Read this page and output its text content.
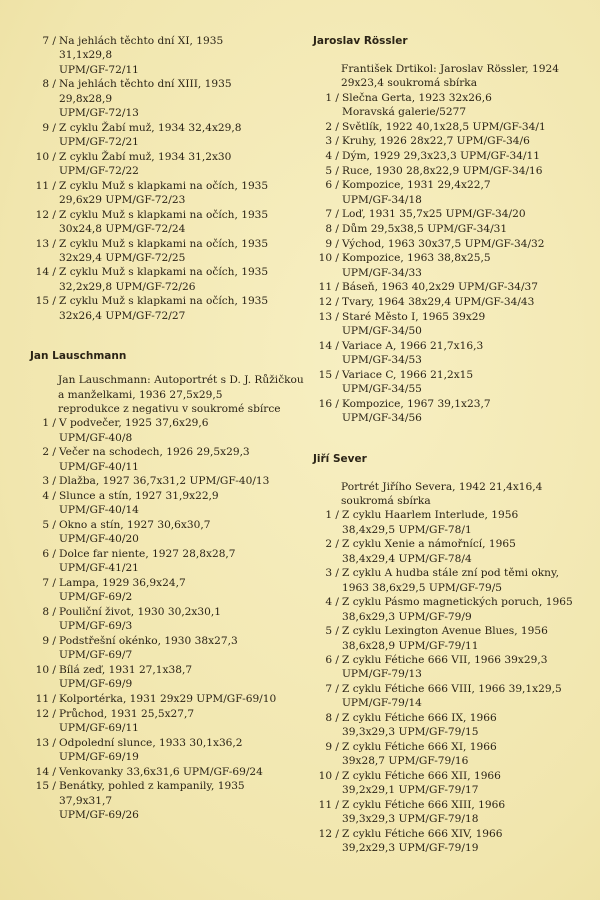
7 / Na jehlách těchto dní XI, 1935
31,1x29,8
UPM/GF-72/11
8 / Na jehlách těchto dní XIII, 1935
29,8x28,9
UPM/GF-72/13
9 / Z cyklu Žabí muž, 1934 32,4x29,8
UPM/GF-72/21
10 / Z cyklu Žabí muž, 1934 31,2x30
UPM/GF-72/22
11 / Z cyklu Muž s klapkami na očích, 1935
29,6x29 UPM/GF-72/23
12 / Z cyklu Muž s klapkami na očích, 1935
30x24,8 UPM/GF-72/24
13 / Z cyklu Muž s klapkami na očích, 1935
32x29,4 UPM/GF-72/25
14 / Z cyklu Muž s klapkami na očích, 1935
32,2x29,8 UPM/GF-72/26
15 / Z cyklu Muž s klapkami na očích, 1935
32x26,4 UPM/GF-72/27
Jan Lauschmann
Jan Lauschmann: Autoportrét s D. J. Růžičkou a manželkami, 1936 27,5x29,5
reprodukce z negativu v soukromé sbírce
1 / V podvečer, 1925 37,6x29,6
UPM/GF-40/8
2 / Večer na schodech, 1926 29,5x29,3
UPM/GF-40/11
3 / Dlažba, 1927 36,7x31,2 UPM/GF-40/13
4 / Slunce a stín, 1927 31,9x22,9
UPM/GF-40/14
5 / Okno a stín, 1927 30,6x30,7
UPM/GF-40/20
6 / Dolce far niente, 1927 28,8x28,7
UPM/GF-41/21
7 / Lampa, 1929 36,9x24,7
UPM/GF-69/2
8 / Pouliční život, 1930 30,2x30,1
UPM/GF-69/3
9 / Podstřešní okénko, 1930 38x27,3
UPM/GF-69/7
10 / Bílá zeď, 1931 27,1x38,7
UPM/GF-69/9
11 / Kolportérka, 1931 29x29 UPM/GF-69/10
12 / Průchod, 1931 25,5x27,7
UPM/GF-69/11
13 / Odpolední slunce, 1933 30,1x36,2
UPM/GF-69/19
14 / Venkovanky 33,6x31,6 UPM/GF-69/24
15 / Benátky, pohled z kampanily, 1935
37,9x31,7
UPM/GF-69/26
Jaroslav Rössler
František Drtikol: Jaroslav Rössler, 1924
29x23,4 soukromá sbírka
1 / Slečna Gerta, 1923 32x26,6
Moravská galerie/5277
2 / Světlík, 1922 40,1x28,5 UPM/GF-34/1
3 / Kruhy, 1926 28x22,7 UPM/GF-34/6
4 / Dým, 1929 29,3x23,3 UPM/GF-34/11
5 / Ruce, 1930 28,8x22,9 UPM/GF-34/16
6 / Kompozice, 1931 29,4x22,7
UPM/GF-34/18
7 / Loď, 1931 35,7x25 UPM/GF-34/20
8 / Dům 29,5x38,5 UPM/GF-34/31
9 / Východ, 1963 30x37,5 UPM/GF-34/32
10 / Kompozice, 1963 38,8x25,5
UPM/GF-34/33
11 / Báseň, 1963 40,2x29 UPM/GF-34/37
12 / Tvary, 1964 38x29,4 UPM/GF-34/43
13 / Staré Město I, 1965 39x29
UPM/GF-34/50
14 / Variace A, 1966 21,7x16,3
UPM/GF-34/53
15 / Variace C, 1966 21,2x15
UPM/GF-34/55
16 / Kompozice, 1967 39,1x23,7
UPM/GF-34/56
Jiří Sever
Portrét Jiřího Severa, 1942 21,4x16,4
soukromá sbírka
1 / Z cyklu Haarlem Interlude, 1956
38,4x29,5 UPM/GF-78/1
2 / Z cyklu Xenie a námořnící, 1965
38,4x29,4 UPM/GF-78/4
3 / Z cyklu A hudba stále zní pod těmi okny, 1963 38,6x29,5 UPM/GF-79/5
4 / Z cyklu Pásmo magnetických poruch, 1965 38,6x29,3 UPM/GF-79/9
5 / Z cyklu Lexington Avenue Blues, 1956
38,6x28,9 UPM/GF-79/11
6 / Z cyklu Fétiche 666 VII, 1966 39x29,3
UPM/GF-79/13
7 / Z cyklu Fétiche 666 VIII, 1966 39,1x29,5
UPM/GF-79/14
8 / Z cyklu Fétiche 666 IX, 1966
39,3x29,3 UPM/GF-79/15
9 / Z cyklu Fétiche 666 XI, 1966
39x28,7 UPM/GF-79/16
10 / Z cyklu Fétiche 666 XII, 1966
39,2x29,1 UPM/GF-79/17
11 / Z cyklu Fétiche 666 XIII, 1966
39,3x29,3 UPM/GF-79/18
12 / Z cyklu Fétiche 666 XIV, 1966
39,2x29,3 UPM/GF-79/19
